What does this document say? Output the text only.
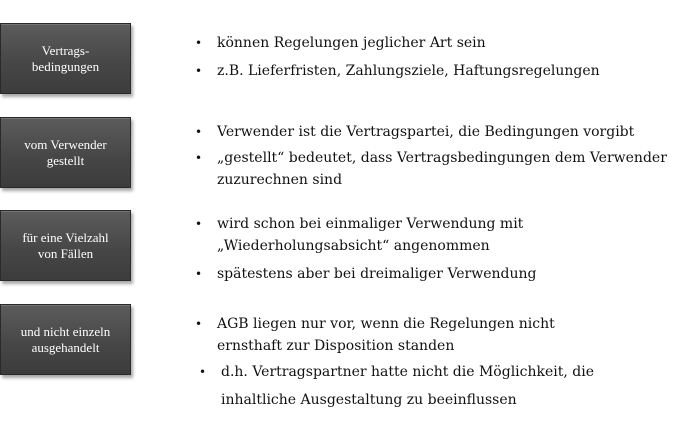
Vertrags-
bedingungen
• können Regelungen jeglicher Art sein
• z.B. Lieferfristen, Zahlungsziele, Haftungsregelungen
vom Verwender
gestellt
• Verwender ist die Vertragspartei, die Bedingungen vorgibt
• „gestellt“ bedeutet, dass Vertragsbedingungen dem Verwender
zuzurechnen sind
für eine Vielzahl
von Fällen
• wird schon bei einmaliger Verwendung mit
„Wiederholungsabsicht“ angenommen
• spätestens aber bei dreimaliger Verwendung
und nicht einzeln
ausgehandelt
• AGB liegen nur vor, wenn die Regelungen nicht
ernsthaft zur Disposition standen
• d.h. Vertragspartner hatte nicht die Möglichkeit, die
inhaltliche Ausgestaltung zu beeinflussen
